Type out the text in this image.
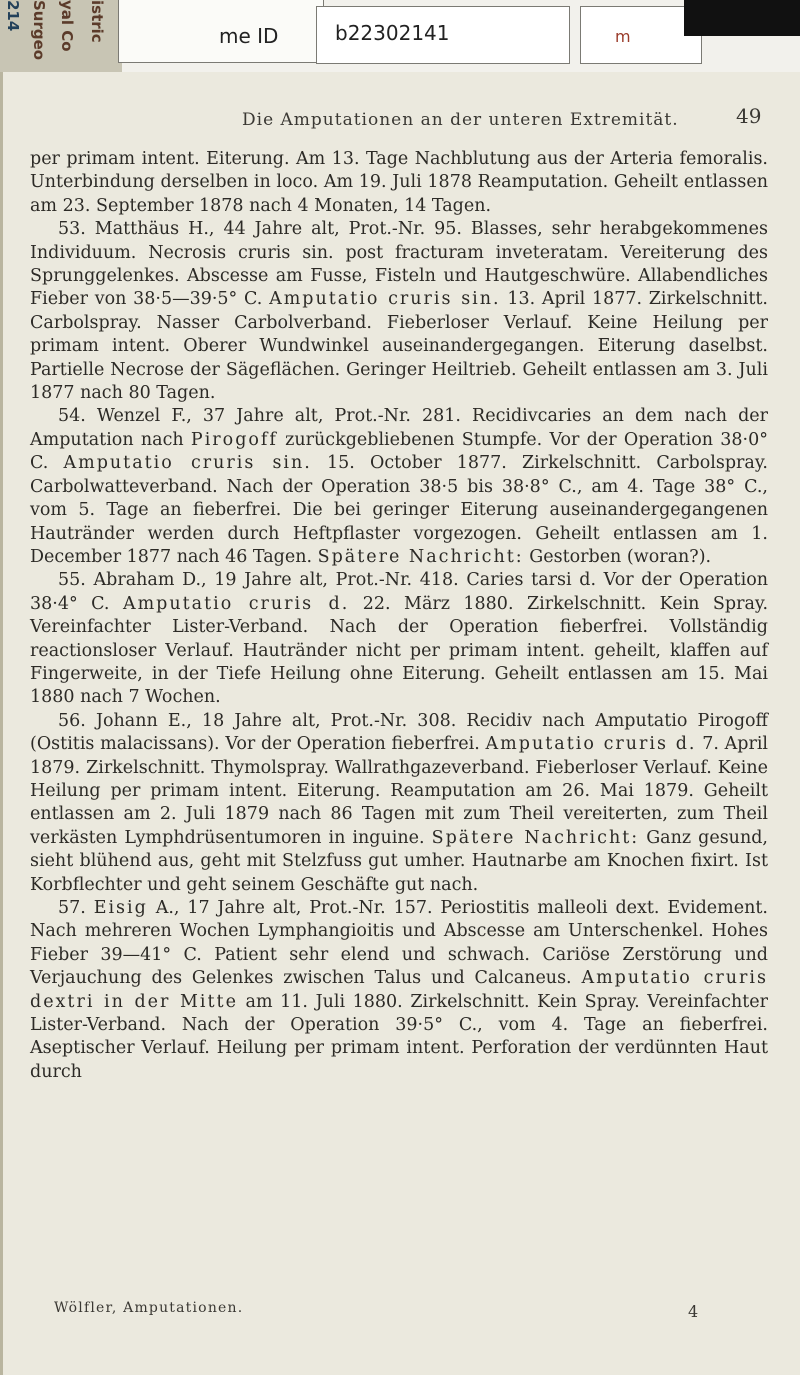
214 Surgeo yal Co istric	me ID	b22302141	m
Die Amputationen an der unteren Extremität.	49

per primam intent. Eiterung. Am 13. Tage Nachblutung aus der Arteria femoralis. Unterbindung derselben in loco. Am 19. Juli 1878 Reamputation. Geheilt entlassen am 23. September 1878 nach 4 Monaten, 14 Tagen.

53. Matthäus H., 44 Jahre alt, Prot.-Nr. 95. Blasses, sehr herabgekommenes Individuum. Necrosis cruris sin. post fracturam inveteratam. Vereiterung des Sprunggelenkes. Abscesse am Fusse, Fisteln und Hautgeschwüre. Allabendliches Fieber von 38·5—39·5° C. Amputatio cruris sin. 13. April 1877. Zirkelschnitt. Carbolspray. Nasser Carbolverband. Fieberloser Verlauf. Keine Heilung per primam intent. Oberer Wundwinkel auseinandergegangen. Eiterung daselbst. Partielle Necrose der Sägeflächen. Geringer Heiltrieb. Geheilt entlassen am 3. Juli 1877 nach 80 Tagen.

54. Wenzel F., 37 Jahre alt, Prot.-Nr. 281. Recidivcaries an dem nach der Amputation nach Pirogoff zurückgebliebenen Stumpfe. Vor der Operation 38·0° C. Amputatio cruris sin. 15. October 1877. Zirkelschnitt. Carbolspray. Carbolwatteverband. Nach der Operation 38·5 bis 38·8° C., am 4. Tage 38° C., vom 5. Tage an fieberfrei. Die bei geringer Eiterung auseinandergegangenen Hautränder werden durch Heftpflaster vorgezogen. Geheilt entlassen am 1. December 1877 nach 46 Tagen. Spätere Nachricht: Gestorben (woran?).

55. Abraham D., 19 Jahre alt, Prot.-Nr. 418. Caries tarsi d. Vor der Operation 38·4° C. Amputatio cruris d. 22. März 1880. Zirkelschnitt. Kein Spray. Vereinfachter Lister-Verband. Nach der Operation fieberfrei. Vollständig reactionsloser Verlauf. Hautränder nicht per primam intent. geheilt, klaffen auf Fingerweite, in der Tiefe Heilung ohne Eiterung. Geheilt entlassen am 15. Mai 1880 nach 7 Wochen.

56. Johann E., 18 Jahre alt, Prot.-Nr. 308. Recidiv nach Amputatio Pirogoff (Ostitis malacissans). Vor der Operation fieberfrei. Amputatio cruris d. 7. April 1879. Zirkelschnitt. Thymolspray. Wallrathgazeverband. Fieberloser Verlauf. Keine Heilung per primam intent. Eiterung. Reamputation am 26. Mai 1879. Geheilt entlassen am 2. Juli 1879 nach 86 Tagen mit zum Theil vereiterten, zum Theil verkästen Lymphdrüsentumoren in inguine. Spätere Nachricht: Ganz gesund, sieht blühend aus, geht mit Stelzfuss gut umher. Hautnarbe am Knochen fixirt. Ist Korbflechter und geht seinem Geschäfte gut nach.

57. Eisig A., 17 Jahre alt, Prot.-Nr. 157. Periostitis malleoli dext. Evidement. Nach mehreren Wochen Lymphangioitis und Abscesse am Unterschenkel. Hohes Fieber 39—41° C. Patient sehr elend und schwach. Cariöse Zerstörung und Verjauchung des Gelenkes zwischen Talus und Calcaneus. Amputatio cruris dextri in der Mitte am 11. Juli 1880. Zirkelschnitt. Kein Spray. Vereinfachter Lister-Verband. Nach der Operation 39·5° C., vom 4. Tage an fieberfrei. Aseptischer Verlauf. Heilung per primam intent. Perforation der verdünnten Haut durch

Wölfler, Amputationen.	4
